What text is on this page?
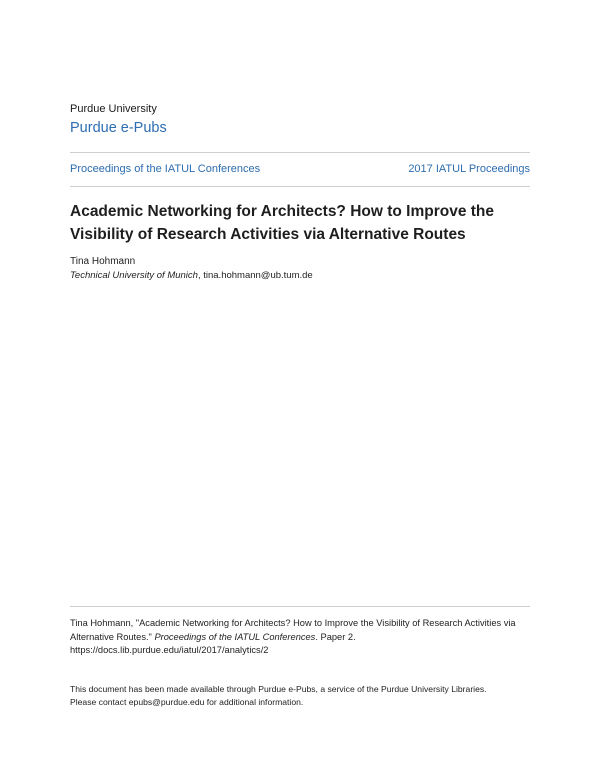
Purdue University
Purdue e-Pubs
Proceedings of the IATUL Conferences	2017 IATUL Proceedings
Academic Networking for Architects? How to Improve the
Visibility of Research Activities via Alternative Routes
Tina Hohmann
Technical University of Munich, tina.hohmann@ub.tum.de
Tina Hohmann, "Academic Networking for Architects? How to Improve the Visibility of Research Activities via Alternative Routes." Proceedings of the IATUL Conferences. Paper 2.
https://docs.lib.purdue.edu/iatul/2017/analytics/2
This document has been made available through Purdue e-Pubs, a service of the Purdue University Libraries.
Please contact epubs@purdue.edu for additional information.
